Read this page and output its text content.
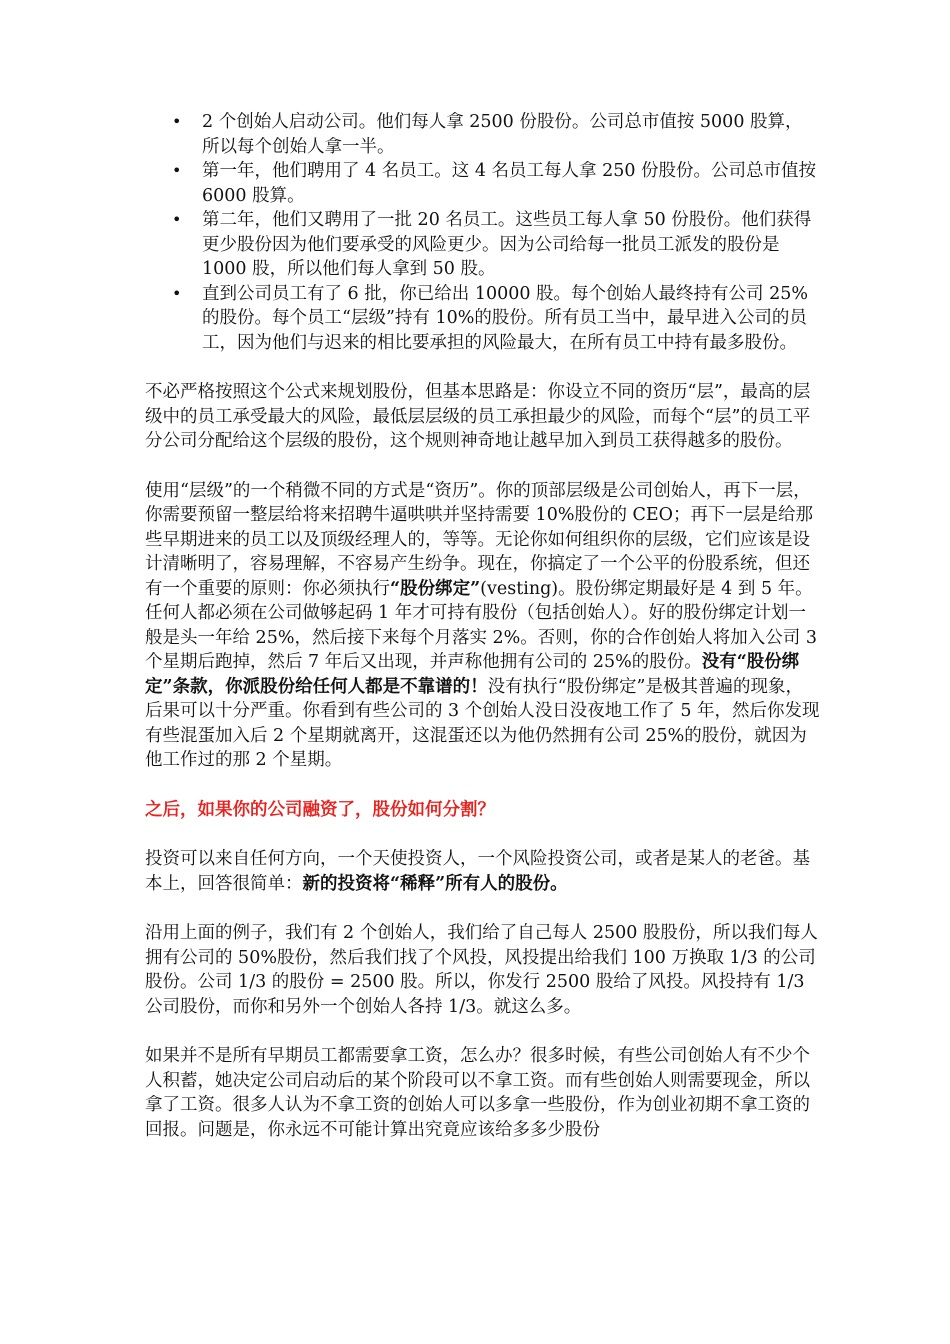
• 2 个创始人启动公司。他们每人拿 2500 份股份。公司总市值按 5000 股算，所以每个创始人拿一半。
• 第一年，他们聘用了 4 名员工。这 4 名员工每人拿 250 份股份。公司总市值按 6000 股算。
• 第二年，他们又聘用了一批 20 名员工。这些员工每人拿 50 份股份。他们获得更少股份因为他们要承受的风险更少。因为公司给每一批员工派发的股份是 1000 股，所以他们每人拿到 50 股。
• 直到公司员工有了 6 批，你已给出 10000 股。每个创始人最终持有公司 25%的股份。每个员工“层级”持有 10%的股份。所有员工当中，最早进入公司的员工，因为他们与迟来的相比要承担的风险最大，在所有员工中持有最多股份。

不必严格按照这个公式来规划股份，但基本思路是：你设立不同的资历“层”，最高的层级中的员工承受最大的风险，最低层层级的员工承担最少的风险，而每个“层”的员工平分公司分配给这个层级的股份，这个规则神奇地让越早加入到员工获得越多的股份。

使用“层级”的一个稍微不同的方式是“资历”。你的顶部层级是公司创始人，再下一层，你需要预留一整层给将来招聘牛逼哄哄并坚持需要 10%股份的 CEO；再下一层是给那些早期进来的员工以及顶级经理人的，等等。无论你如何组织你的层级，它们应该是设计清晰明了，容易理解，不容易产生纷争。现在，你搞定了一个公平的份股系统，但还有一个重要的原则：你必须执行“股份绑定”(vesting)。股份绑定期最好是 4 到 5 年。任何人都必须在公司做够起码 1 年才可持有股份（包括创始人）。好的股份绑定计划一般是头一年给 25%，然后接下来每个月落实 2%。否则，你的合作创始人将加入公司 3 个星期后跑掉，然后 7 年后又出现，并声称他拥有公司的 25%的股份。没有“股份绑定”条款，你派股份给任何人都是不靠谱的！没有执行“股份绑定”是极其普遍的现象，后果可以十分严重。你看到有些公司的 3 个创始人没日没夜地工作了 5 年，然后你发现有些混蛋加入后 2 个星期就离开，这混蛋还以为他仍然拥有公司 25%的股份，就因为他工作过的那 2 个星期。

之后，如果你的公司融资了，股份如何分割？

投资可以来自任何方向，一个天使投资人，一个风险投资公司，或者是某人的老爸。基本上，回答很简单：新的投资将“稀释”所有人的股份。

沿用上面的例子，我们有 2 个创始人，我们给了自己每人 2500 股股份，所以我们每人拥有公司的 50%股份，然后我们找了个风投，风投提出给我们 100 万换取 1/3 的公司股份。公司 1/3 的股份 = 2500 股。所以，你发行 2500 股给了风投。风投持有 1/3 公司股份，而你和另外一个创始人各持 1/3。就这么多。

如果并不是所有早期员工都需要拿工资，怎么办？很多时候，有些公司创始人有不少个人积蓄，她决定公司启动后的某个阶段可以不拿工资。而有些创始人则需要现金，所以拿了工资。很多人认为不拿工资的创始人可以多拿一些股份，作为创业初期不拿工资的回报。问题是，你永远不可能计算出究竟应该给多多少股份
